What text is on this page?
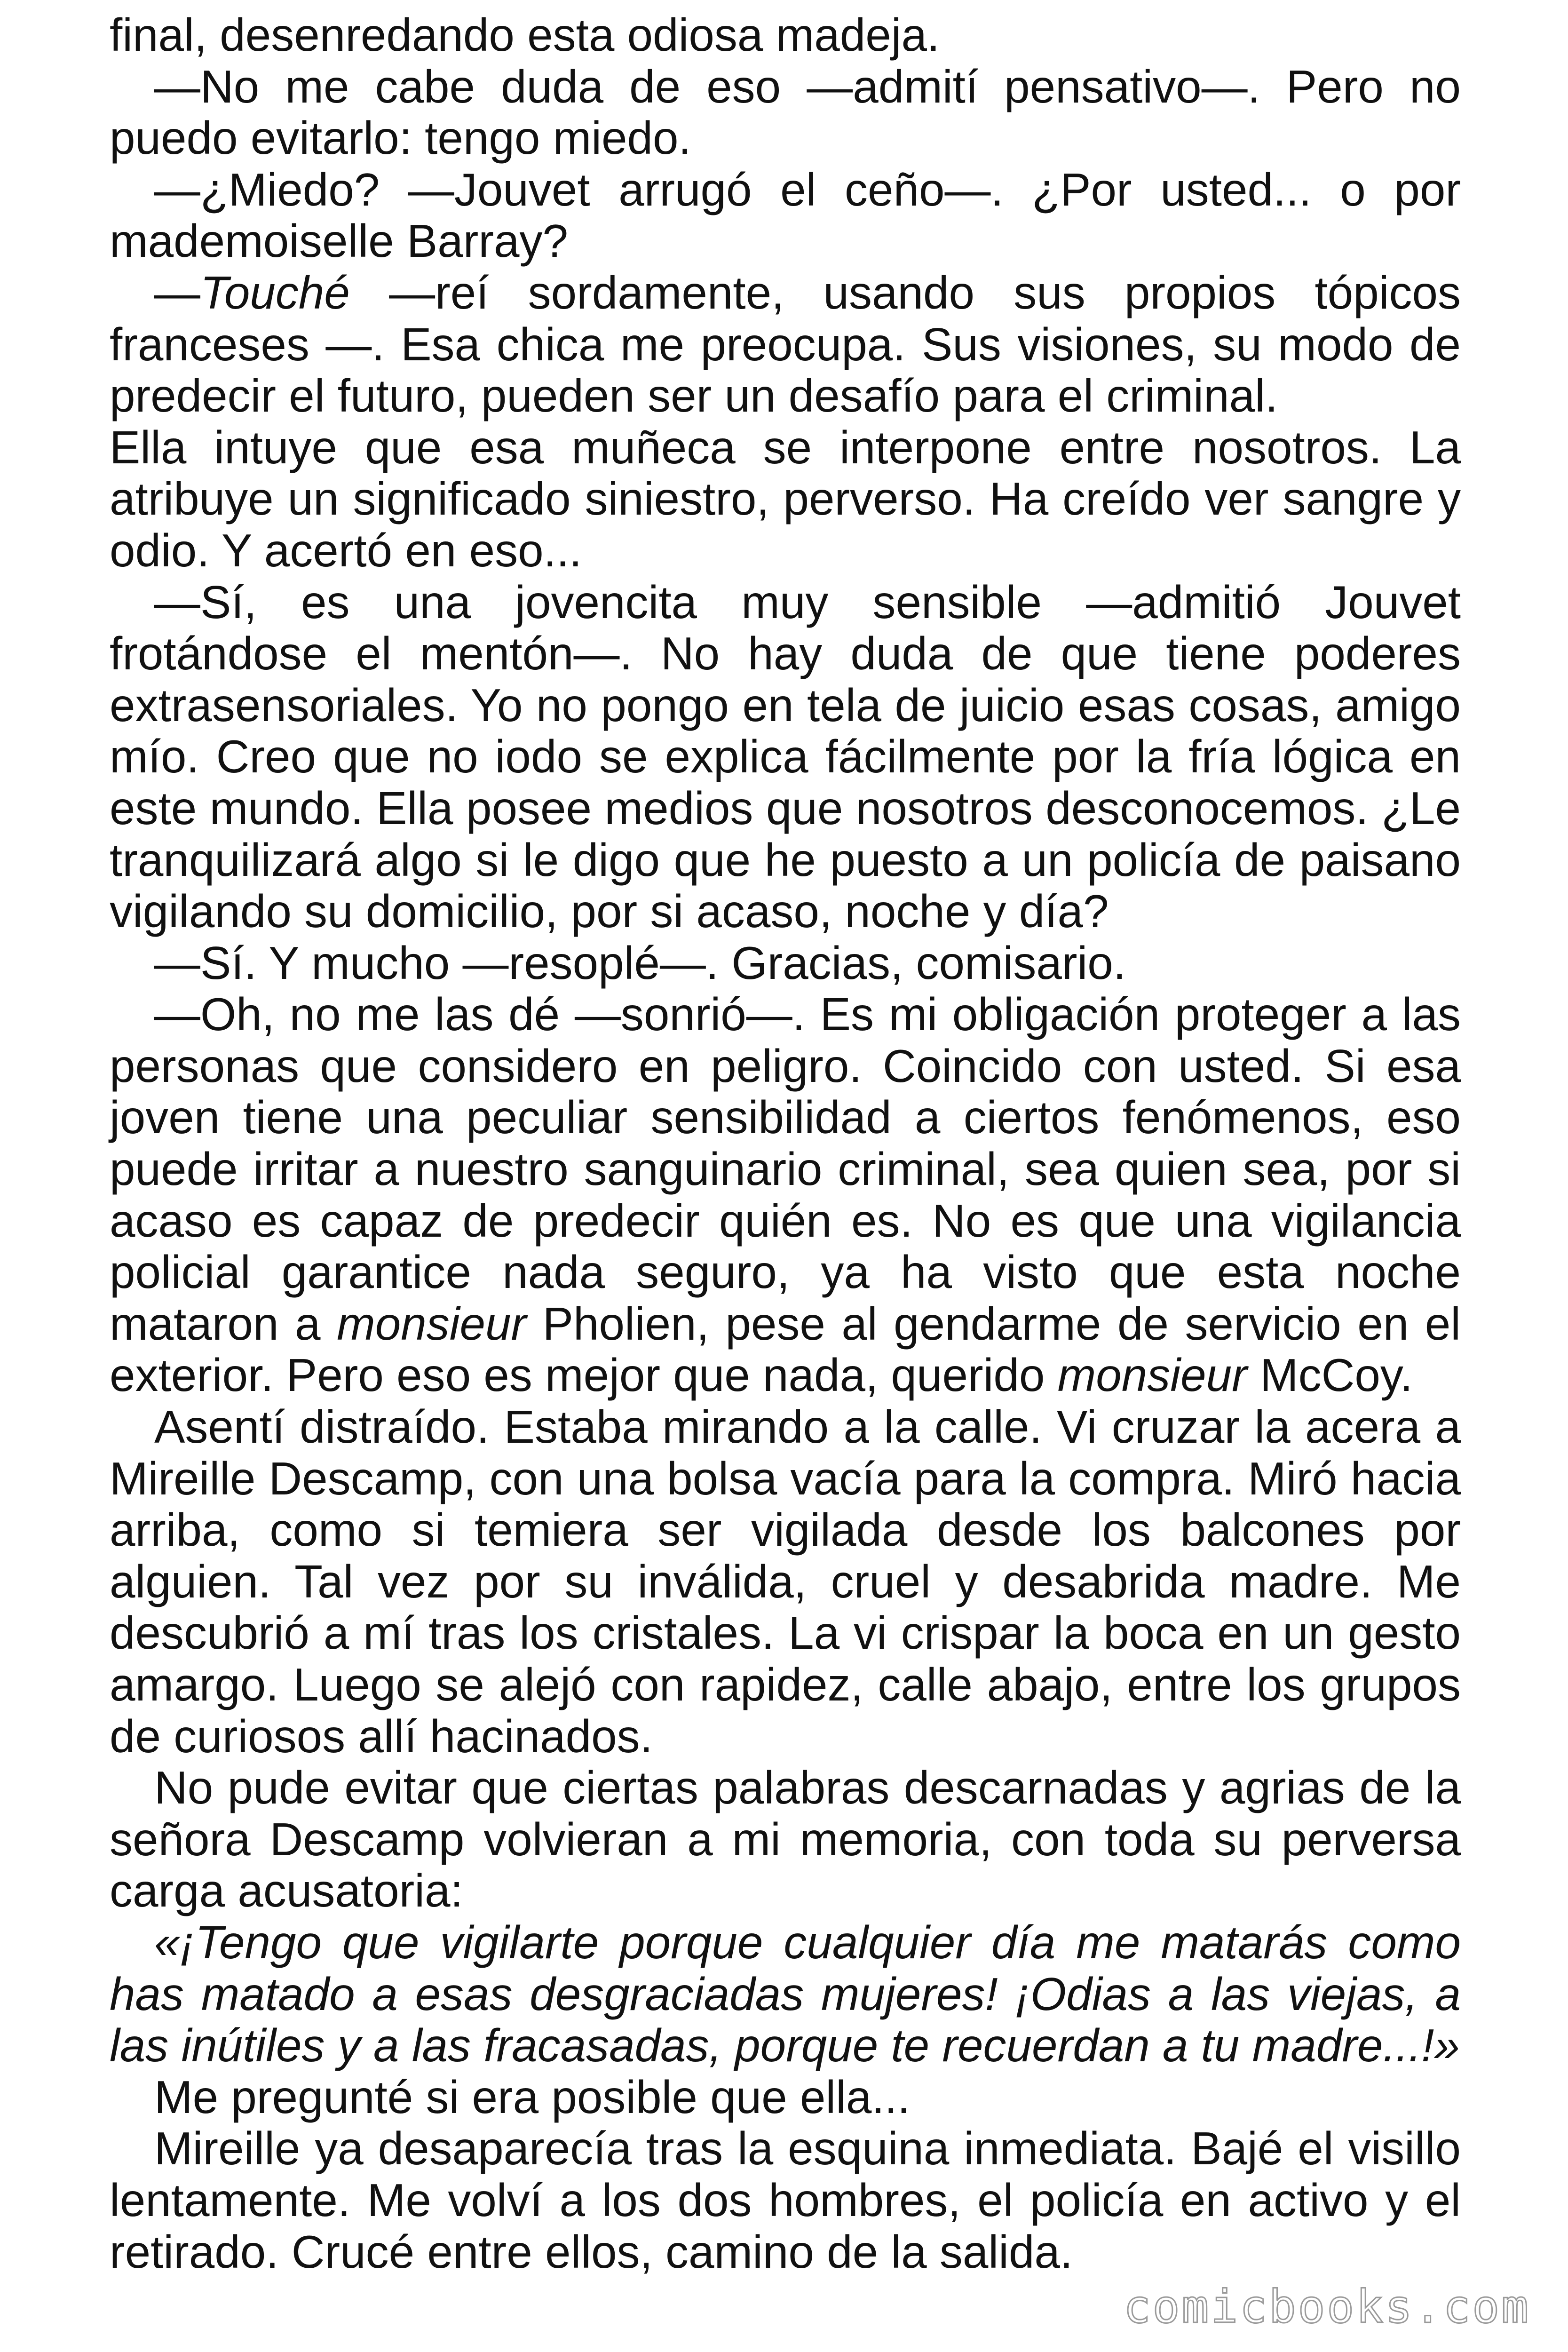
final, desenredando esta odiosa madeja.

—No me cabe duda de eso —admití pensativo—. Pero no puedo evitarlo: tengo miedo.

—¿Miedo? —Jouvet arrugó el ceño—. ¿Por usted... o por mademoiselle Barray?

—Touché —reí sordamente, usando sus propios tópicos franceses —. Esa chica me preocupa. Sus visiones, su modo de predecir el futuro, pueden ser un desafío para el criminal.

Ella intuye que esa muñeca se interpone entre nosotros. La atribuye un significado siniestro, perverso. Ha creído ver sangre y odio. Y acertó en eso...

—Sí, es una jovencita muy sensible —admitió Jouvet frotándose el mentón—. No hay duda de que tiene poderes extrasensoriales. Yo no pongo en tela de juicio esas cosas, amigo mío. Creo que no iodo se explica fácilmente por la fría lógica en este mundo. Ella posee medios que nosotros desconocemos. ¿Le tranquilizará algo si le digo que he puesto a un policía de paisano vigilando su domicilio, por si acaso, noche y día?

—Sí. Y mucho —resoplé—. Gracias, comisario.

—Oh, no me las dé —sonrió—. Es mi obligación proteger a las personas que considero en peligro. Coincido con usted. Si esa joven tiene una peculiar sensibilidad a ciertos fenómenos, eso puede irritar a nuestro sanguinario criminal, sea quien sea, por si acaso es capaz de predecir quién es. No es que una vigilancia policial garantice nada seguro, ya ha visto que esta noche mataron a monsieur Pholien, pese al gendarme de servicio en el exterior. Pero eso es mejor que nada, querido monsieur McCoy.

Asentí distraído. Estaba mirando a la calle. Vi cruzar la acera a Mireille Descamp, con una bolsa vacía para la compra. Miró hacia arriba, como si temiera ser vigilada desde los balcones por alguien. Tal vez por su inválida, cruel y desabrida madre. Me descubrió a mí tras los cristales. La vi crispar la boca en un gesto amargo. Luego se alejó con rapidez, calle abajo, entre los grupos de curiosos allí hacinados.

No pude evitar que ciertas palabras descarnadas y agrias de la señora Descamp volvieran a mi memoria, con toda su perversa carga acusatoria:

«¡Tengo que vigilarte porque cualquier día me matarás como has matado a esas desgraciadas mujeres! ¡Odias a las viejas, a las inútiles y a las fracasadas, porque te recuerdan a tu madre...!»

Me pregunté si era posible que ella...

Mireille ya desaparecía tras la esquina inmediata. Bajé el visillo lentamente. Me volví a los dos hombres, el policía en activo y el retirado. Crucé entre ellos, camino de la salida.

comicbooks.com
